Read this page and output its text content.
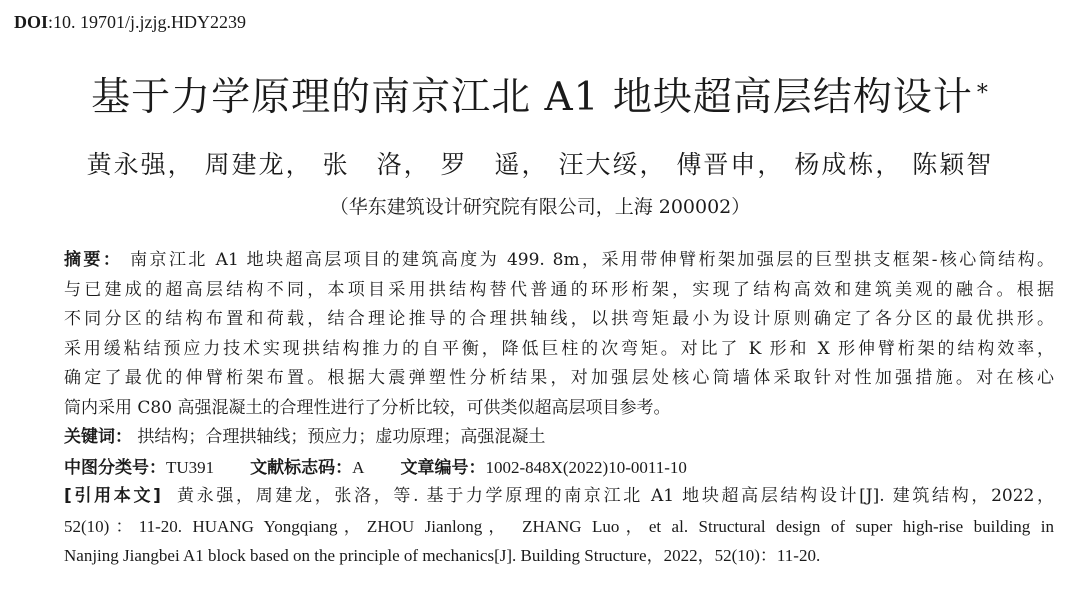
DOI:10. 19701/j.jzjg.HDY2239
基于力学原理的南京江北 A1 地块超高层结构设计 *
黄永强， 周建龙， 张　洛， 罗　遥， 汪大绥， 傅晋申， 杨成栋， 陈颖智
（华东建筑设计研究院有限公司，上海 200002）
摘要： 南京江北 A1 地块超高层项目的建筑高度为 499. 8m，采用带伸臂桁架加强层的巨型拱支框架-核心筒结构。
与已建成的超高层结构不同，本项目采用拱结构替代普通的环形桁架，实现了结构高效和建筑美观的融合。根据
不同分区的结构布置和荷载，结合理论推导的合理拱轴线，以拱弯矩最小为设计原则确定了各分区的最优拱形。
采用缓粘结预应力技术实现拱结构推力的自平衡，降低巨柱的次弯矩。对比了 K 形和 X 形伸臂桁架的结构效率，
确定了最优的伸臂桁架布置。根据大震弹塑性分析结果，对加强层处核心筒墙体采取针对性加强措施。对在核心
筒内采用 C80 高强混凝土的合理性进行了分析比较，可供类似超高层项目参考。
关键词： 拱结构；合理拱轴线；预应力；虚功原理；高强混凝土
中图分类号：TU391 文献标志码：A 文章编号：1002-848X(2022)10-0011-10
[引用本文] 黄永强，周建龙，张洛，等. 基于力学原理的南京江北 A1 地块超高层结构设计[J]. 建筑结构，2022，
52(10)：11-20. HUANG Yongqiang，ZHOU Jianlong， ZHANG Luo，et al. Structural design of super high-rise building in
Nanjing Jiangbei A1 block based on the principle of mechanics[J]. Building Structure，2022，52(10)：11-20.
